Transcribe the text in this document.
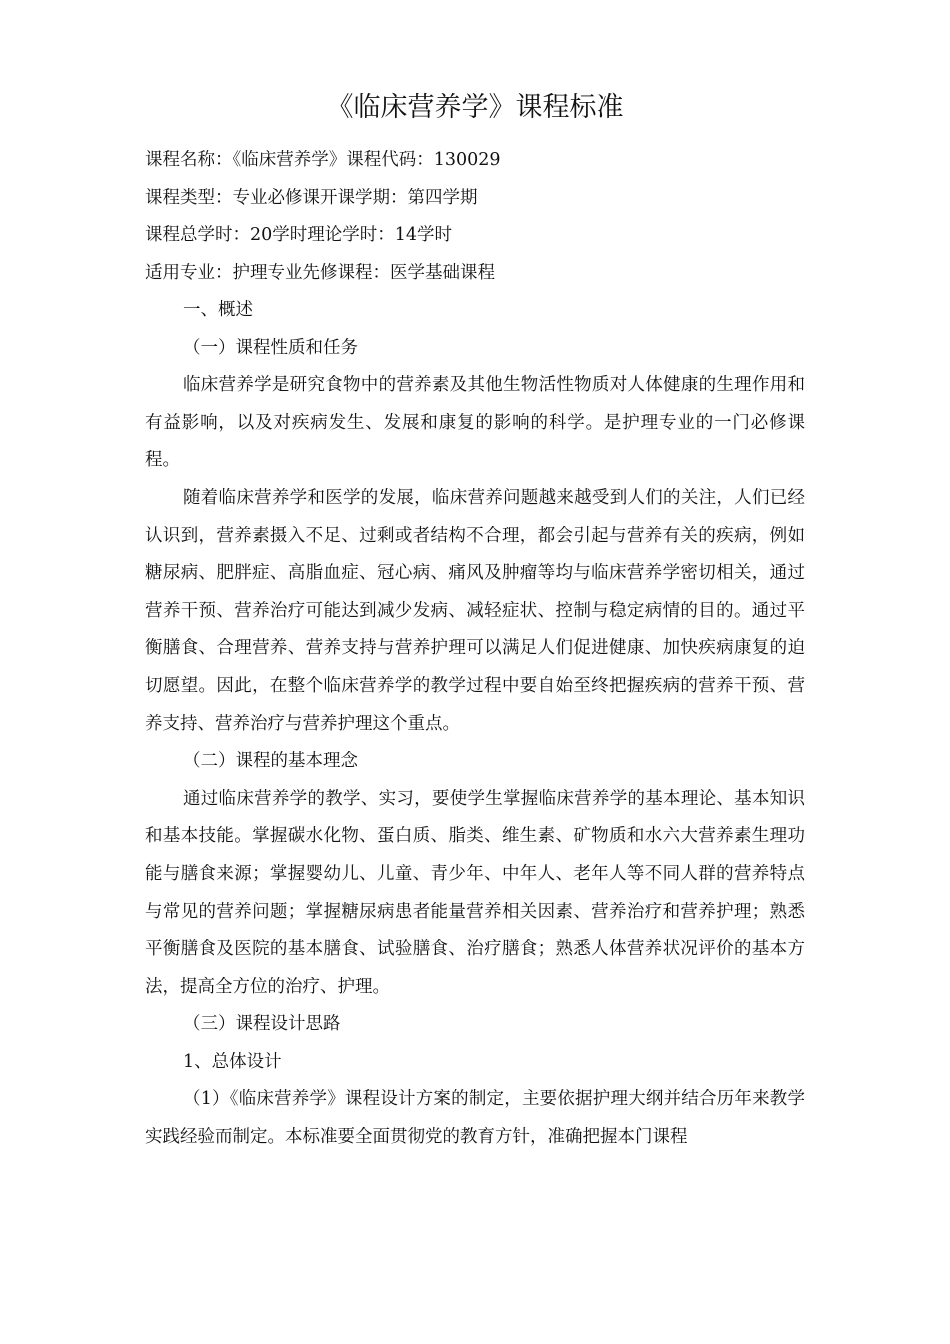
《临床营养学》课程标准
课程名称：《临床营养学》课程代码：130029
课程类型：专业必修课开课学期：第四学期
课程总学时：20学时理论学时：14学时
适用专业：护理专业先修课程：医学基础课程

一、概述

（一）课程性质和任务

临床营养学是研究食物中的营养素及其他生物活性物质对人体健康的生理作用和有益影响，以及对疾病发生、发展和康复的影响的科学。是护理专业的一门必修课程。

随着临床营养学和医学的发展，临床营养问题越来越受到人们的关注，人们已经认识到，营养素摄入不足、过剩或者结构不合理，都会引起与营养有关的疾病，例如糖尿病、肥胖症、高脂血症、冠心病、痛风及肿瘤等均与临床营养学密切相关，通过营养干预、营养治疗可能达到减少发病、减轻症状、控制与稳定病情的目的。通过平衡膳食、合理营养、营养支持与营养护理可以满足人们促进健康、加快疾病康复的迫切愿望。因此，在整个临床营养学的教学过程中要自始至终把握疾病的营养干预、营养支持、营养治疗与营养护理这个重点。

（二）课程的基本理念

通过临床营养学的教学、实习，要使学生掌握临床营养学的基本理论、基本知识和基本技能。掌握碳水化物、蛋白质、脂类、维生素、矿物质和水六大营养素生理功能与膳食来源；掌握婴幼儿、儿童、青少年、中年人、老年人等不同人群的营养特点与常见的营养问题；掌握糖尿病患者能量营养相关因素、营养治疗和营养护理；熟悉平衡膳食及医院的基本膳食、试验膳食、治疗膳食；熟悉人体营养状况评价的基本方法，提高全方位的治疗、护理。

（三）课程设计思路

1、总体设计

（1）《临床营养学》课程设计方案的制定，主要依据护理大纲并结合历年来教学实践经验而制定。本标准要全面贯彻党的教育方针，准确把握本门课程
